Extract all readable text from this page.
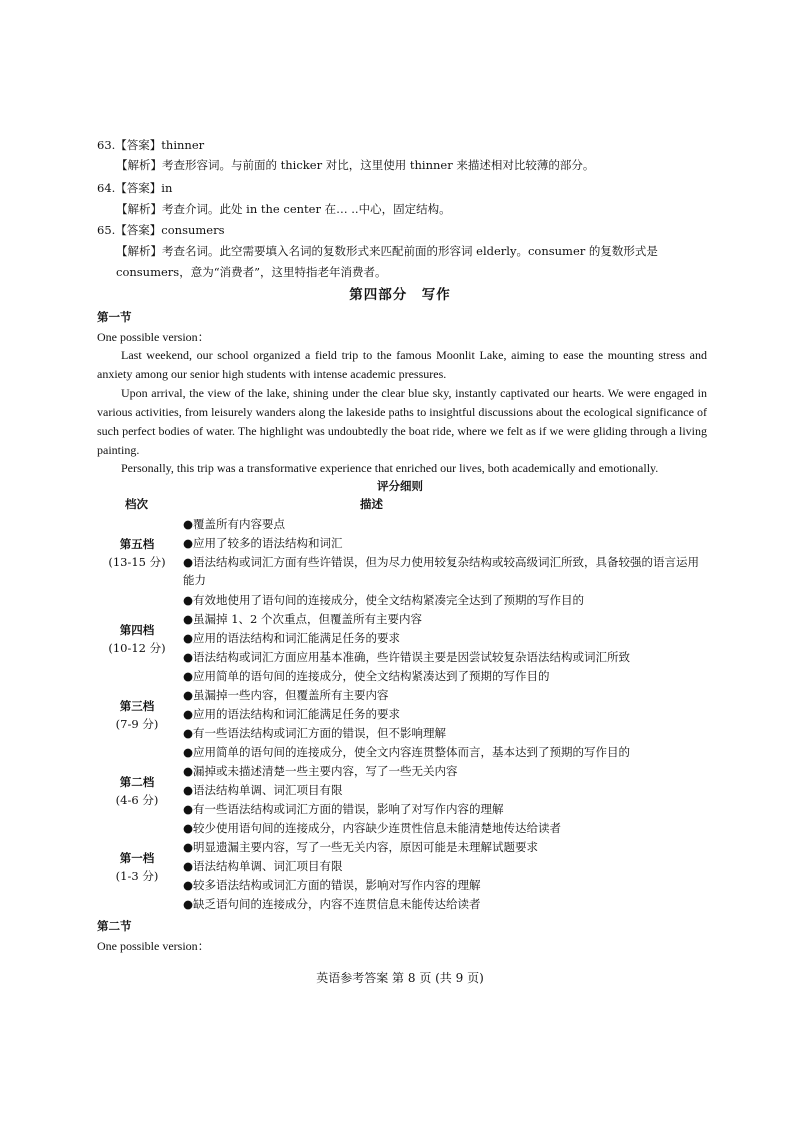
63.【答案】thinner
【解析】考查形容词。与前面的 thicker 对比，这里使用 thinner 来描述相对比较薄的部分。
64.【答案】in
【解析】考查介词。此处 in the center 在… ..中心，固定结构。
65.【答案】consumers
【解析】考查名词。此空需要填入名词的复数形式来匹配前面的形容词 elderly。consumer 的复数形式是
consumers，意为“消费者”，这里特指老年消费者。
第四部分　写作
第一节
One possible version：
Last weekend, our school organized a field trip to the famous Moonlit Lake, aiming to ease the mounting stress and anxiety among our senior high students with intense academic pressures.
Upon arrival, the view of the lake, shining under the clear blue sky, instantly captivated our hearts. We were engaged in various activities, from leisurely wanders along the lakeside paths to insightful discussions about the ecological significance of such perfect bodies of water. The highlight was undoubtedly the boat ride, where we felt as if we were gliding through a living painting.
Personally, this trip was a transformative experience that enriched our lives, both academically and emotionally.
评分细则
档次	描述
第五档
(13-15 分)
●覆盖所有内容要点
●应用了较多的语法结构和词汇
●语法结构或词汇方面有些许错误，但为尽力使用较复杂结构或较高级词汇所致，具备较强的语言运用能力
●有效地使用了语句间的连接成分，使全文结构紧凑完全达到了预期的写作目的
第四档
(10-12 分)
●虽漏掉 1、2 个次重点，但覆盖所有主要内容
●应用的语法结构和词汇能满足任务的要求
●语法结构或词汇方面应用基本准确，些许错误主要是因尝试较复杂语法结构或词汇所致
●应用简单的语句间的连接成分，使全文结构紧凑达到了预期的写作目的
第三档
(7-9 分)
●虽漏掉一些内容，但覆盖所有主要内容
●应用的语法结构和词汇能满足任务的要求
●有一些语法结构或词汇方面的错误，但不影响理解
●应用简单的语句间的连接成分，使全文内容连贯整体而言，基本达到了预期的写作目的
第二档
(4-6 分)
●漏掉或未描述清楚一些主要内容，写了一些无关内容
●语法结构单调、词汇项目有限
●有一些语法结构或词汇方面的错误，影响了对写作内容的理解
●较少使用语句间的连接成分，内容缺少连贯性信息未能清楚地传达给读者
第一档
(1-3 分)
●明显遗漏主要内容，写了一些无关内容，原因可能是未理解试题要求
●语法结构单调、词汇项目有限
●较多语法结构或词汇方面的错误，影响对写作内容的理解
●缺乏语句间的连接成分，内容不连贯信息未能传达给读者
第二节
One possible version：
英语参考答案 第 8 页 (共 9 页)
